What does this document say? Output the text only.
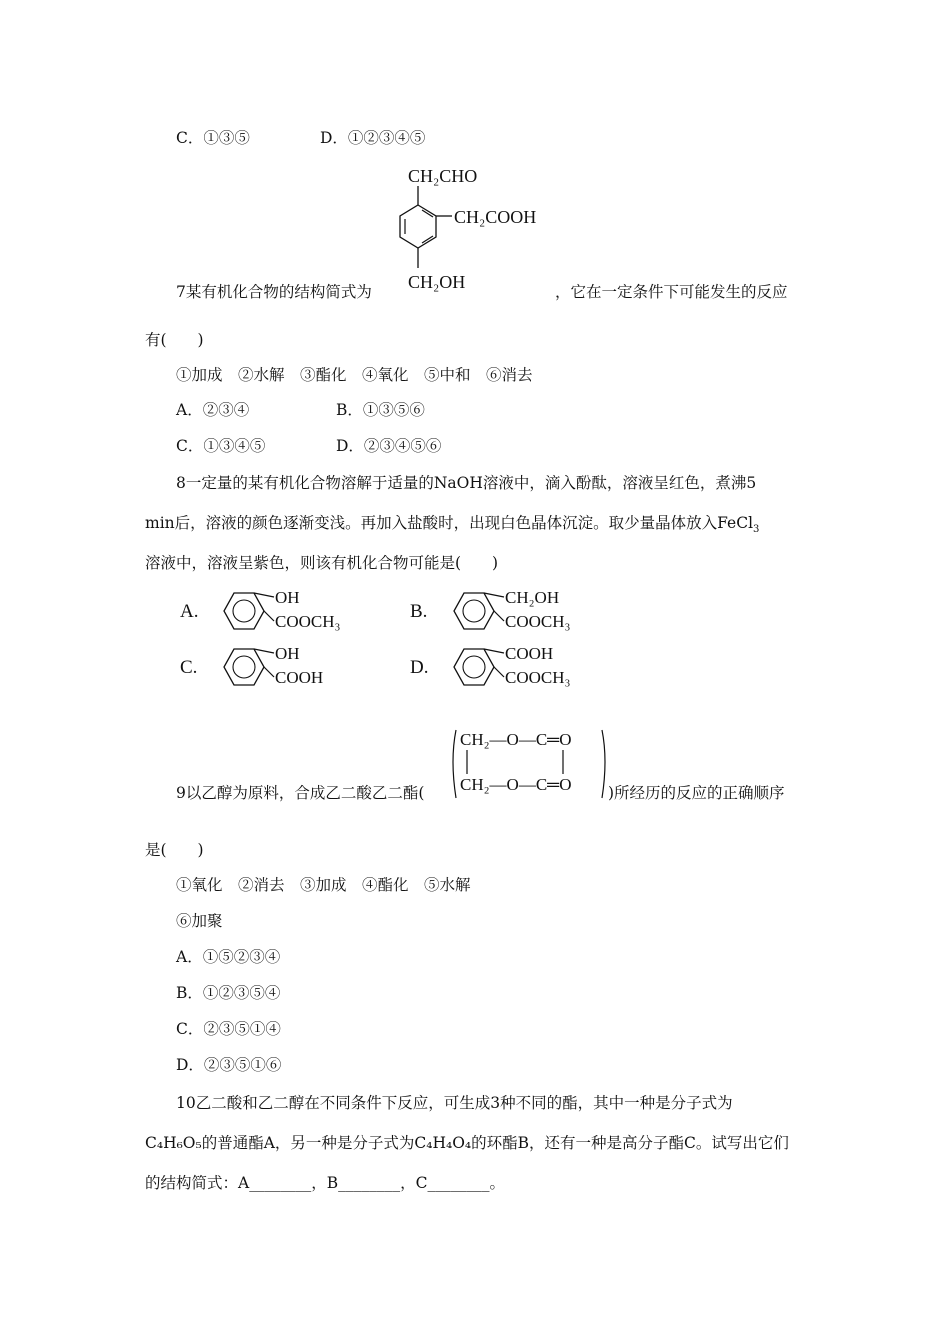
C．①③⑤	D．①②③④⑤
CH₂CHO
CH₂COOH
CH₂OH
7某有机化合物的结构简式为	，它在一定条件下可能发生的反应
有(　　)
①加成　②水解　③酯化　④氧化　⑤中和　⑥消去
A．②③④	B．①③⑤⑥
C．①③④⑤	D．②③④⑤⑥
8一定量的某有机化合物溶解于适量的NaOH溶液中，滴入酚酞，溶液呈红色，煮沸5
min后，溶液的颜色逐渐变浅。再加入盐酸时，出现白色晶体沉淀。取少量晶体放入FeCl$_3$
溶液中，溶液呈紫色，则该有机化合物可能是(　　)
A.
OH
COOCH₃	B.
CH₂OH
COOCH₃
C.
OH
COOH	D.
COOH
COOCH₃
9以乙醇为原料，合成乙二酸乙二酯(
CH₂—O—C═O
CH₂—O—C═O )所经历的反应的正确顺序
是(　　)
①氧化　②消去　③加成　④酯化　⑤水解
⑥加聚
A．①⑤②③④
B．①②③⑤④
C．②③⑤①④
D．②③⑤①⑥
10乙二酸和乙二醇在不同条件下反应，可生成3种不同的酯，其中一种是分子式为
C₄H₆O₅的普通酯A，另一种是分子式为C₄H₄O₄的环酯B，还有一种是高分子酯C。试写出它们
的结构简式：A________，B________，C________。
